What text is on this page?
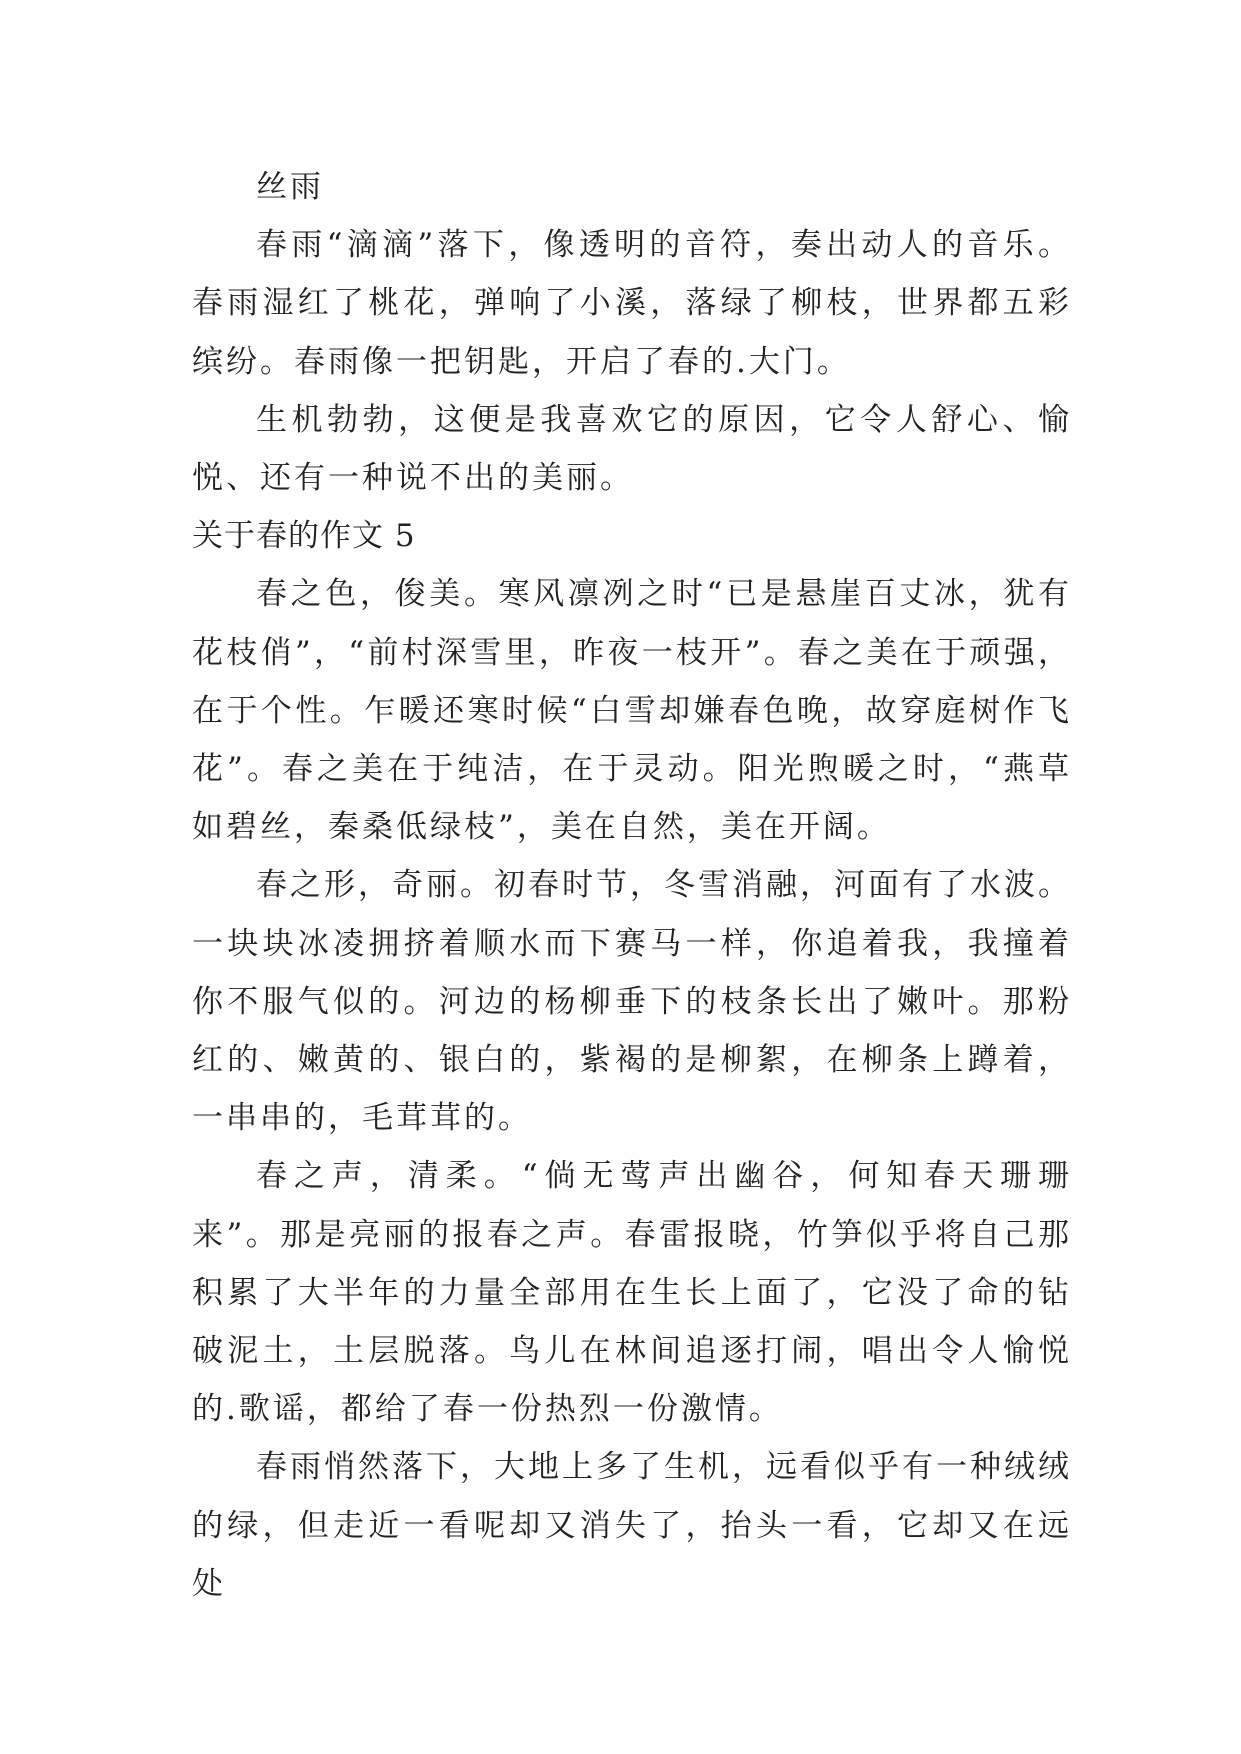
丝雨

春雨“滴滴”落下，像透明的音符，奏出动人的音乐。春雨湿红了桃花，弹响了小溪，落绿了柳枝，世界都五彩缤纷。春雨像一把钥匙，开启了春的.大门。

生机勃勃，这便是我喜欢它的原因，它令人舒心、愉悦、还有一种说不出的美丽。

关于春的作文 5

春之色，俊美。寒风凛冽之时“已是悬崖百丈冰，犹有花枝俏”，“前村深雪里，昨夜一枝开”。春之美在于顽强，在于个性。乍暖还寒时候“白雪却嫌春色晚，故穿庭树作飞花”。春之美在于纯洁，在于灵动。阳光煦暖之时，“燕草如碧丝，秦桑低绿枝”，美在自然，美在开阔。

春之形，奇丽。初春时节，冬雪消融，河面有了水波。一块块冰凌拥挤着顺水而下赛马一样，你追着我，我撞着你不服气似的。河边的杨柳垂下的枝条长出了嫩叶。那粉红的、嫩黄的、银白的，紫褐的是柳絮，在柳条上蹲着，一串串的，毛茸茸的。

春之声，清柔。“倘无莺声出幽谷，何知春天珊珊来”。那是亮丽的报春之声。春雷报晓，竹笋似乎将自己那积累了大半年的力量全部用在生长上面了，它没了命的钻破泥土，土层脱落。鸟儿在林间追逐打闹，唱出令人愉悦的.歌谣，都给了春一份热烈一份激情。

春雨悄然落下，大地上多了生机，远看似乎有一种绒绒的绿，但走近一看呢却又消失了，抬头一看，它却又在远处
